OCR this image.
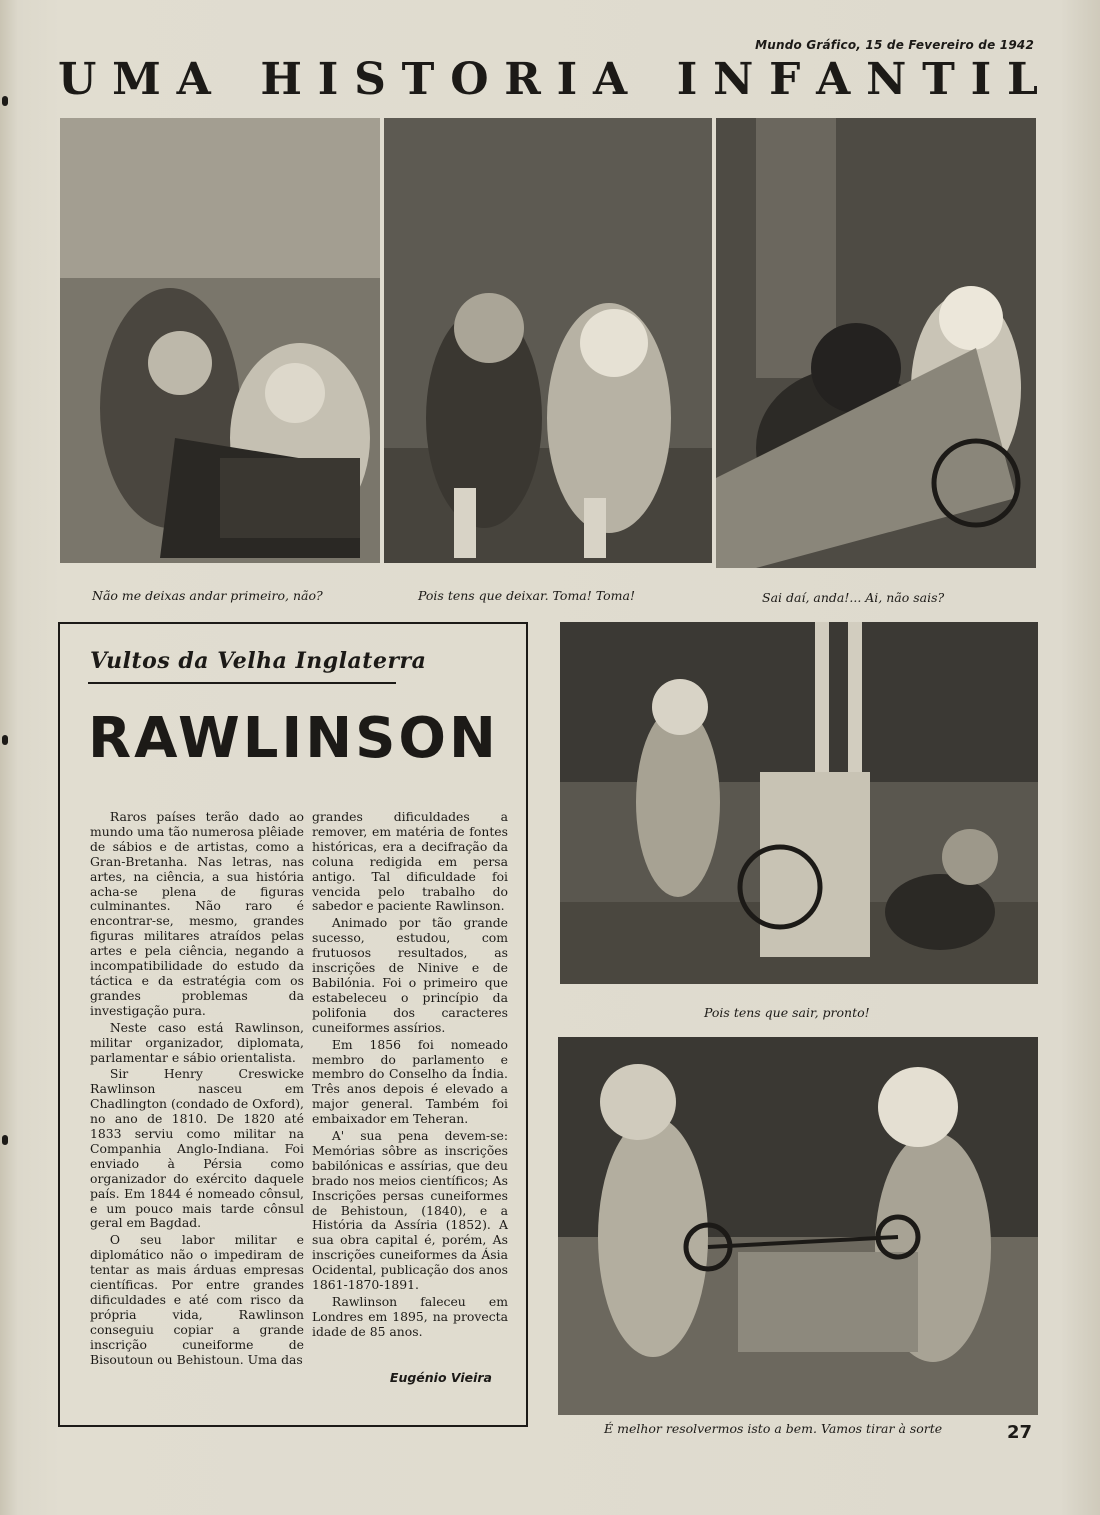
Mundo Gráfico, 15 de Fevereiro de 1942
U M A H I S T O R I A I N F A N T I L
Não me deixas andar primeiro, não?	Pois tens que deixar. Toma! Toma!	Sai daí, anda!... Ai, não sais?
Vultos da Velha Inglaterra
RAWLINSON

Raros países terão dado ao mundo uma tão numerosa plêiade de sábios e de artistas, como a Gran-Bretanha. Nas letras, nas artes, na ciência, a sua história acha-se plena de figuras culminantes. Não raro é encontrar-se, mesmo, grandes figuras militares atraídos pelas artes e pela ciência, negando a incompatibilidade do estudo da táctica e da estratégia com os grandes problemas da investigação pura.

Neste caso está Rawlinson, militar organizador, diplomata, parlamentar e sábio orientalista.

Sir Henry Creswicke Rawlinson nasceu em Chadlington (condado de Oxford), no ano de 1810. De 1820 até 1833 serviu como militar na Companhia Anglo-Indiana. Foi enviado à Pérsia como organizador do exército daquele país. Em 1844 é nomeado cônsul, e um pouco mais tarde cônsul geral em Bagdad.

O seu labor militar e diplomático não o impediram de tentar as mais árduas empresas científicas. Por entre grandes dificuldades e até com risco da própria vida, Rawlinson conseguiu copiar a grande inscrição cuneiforme de Bisoutoun ou Behistoun. Uma das

grandes dificuldades a remover, em matéria de fontes históricas, era a decifração da coluna redigida em persa antigo. Tal dificuldade foi vencida pelo trabalho do sabedor e paciente Rawlinson.

Animado por tão grande sucesso, estudou, com frutuosos resultados, as inscrições de Ninive e de Babilónia. Foi o primeiro que estabeleceu o princípio da polifonia dos caracteres cuneiformes assírios.

Em 1856 foi nomeado membro do parlamento e membro do Conselho da Índia. Três anos depois é elevado a major general. Também foi embaixador em Teheran.

A' sua pena devem-se: Memórias sôbre as inscrições babilónicas e assírias, que deu brado nos meios científicos; As Inscrições persas cuneiformes de Behistoun, (1840), e a História da Assíria (1852). A sua obra capital é, porém, As inscrições cuneiformes da Ásia Ocidental, publicação dos anos 1861-1870-1891.

Rawlinson faleceu em Londres em 1895, na provecta idade de 85 anos.

Eugénio Vieira
Pois tens que sair, pronto!
É melhor resolvermos isto a bem. Vamos tirar à sorte	27
